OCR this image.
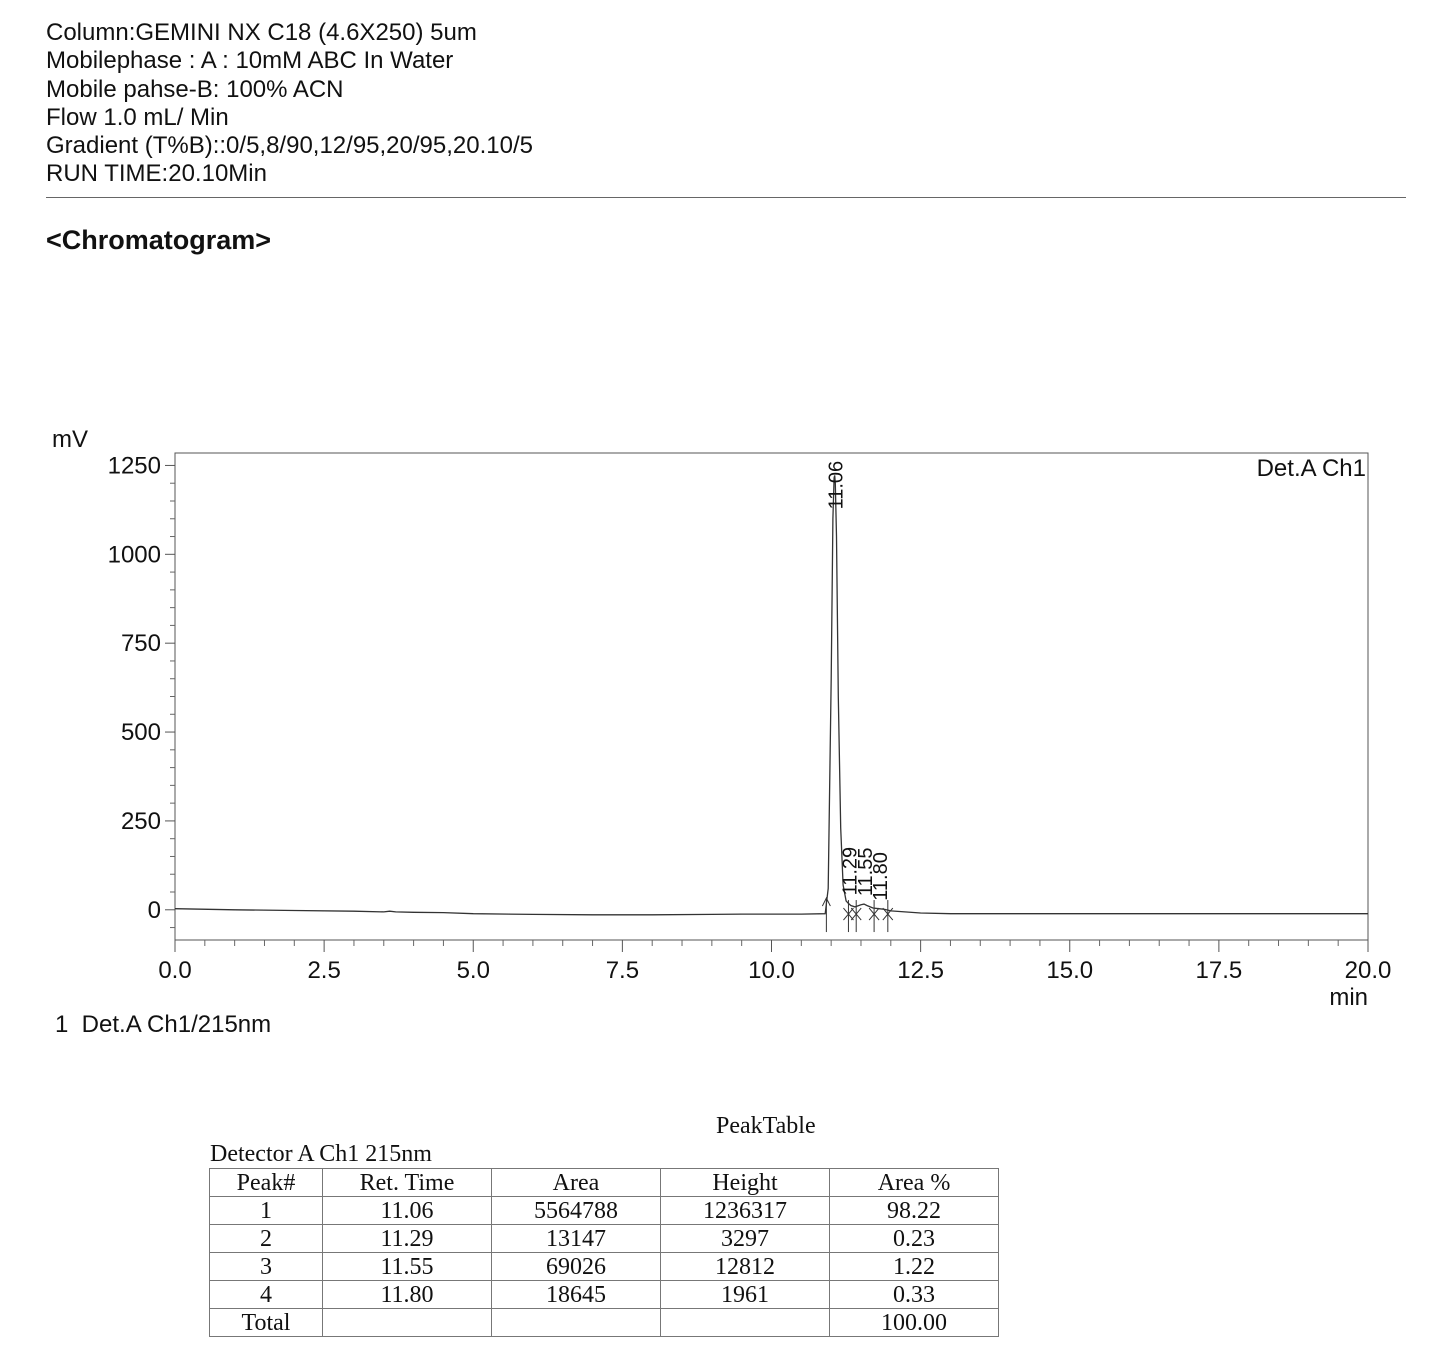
Column:GEMINI NX C18 (4.6X250) 5um
Mobilephase : A : 10mM ABC In Water
Mobile pahse-B: 100% ACN
Flow 1.0 mL/ Min
Gradient (T%B)::0/5,8/90,12/95,20/95,20.10/5
RUN TIME:20.10Min
<Chromatogram>
0
250
500
750
1000
1250
0.0	2.5	5.0	7.5	10.0	12.5	15.0	17.5	20.0
mV
min
Det.A Ch1
11.06
11.29
11.55
11.80
1  Det.A Ch1/215nm
PeakTable
Detector A Ch1 215nm
Peak#	Ret. Time	Area	Height	Area %
1	11.06	5564788	1236317	98.22
2	11.29	13147	3297	0.23
3	11.55	69026	12812	1.22
4	11.80	18645	1961	0.33
Total				100.00
